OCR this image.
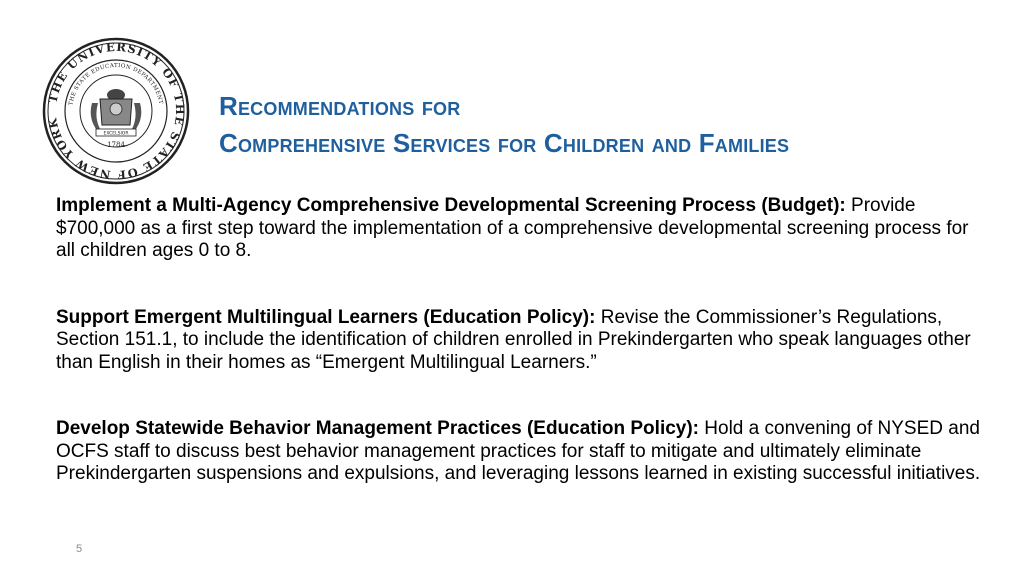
THE UNIVERSITY OF THE STATE OF NEW YORK
THE STATE EDUCATION DEPARTMENT
EXCELSIOR
1784
Recommendations for
Comprehensive Services for Children and Families
Implement a Multi-Agency Comprehensive Developmental Screening Process (Budget): Provide $700,000 as a first step toward the implementation of a comprehensive developmental screening process for all children ages 0 to 8.
Support Emergent Multilingual Learners (Education Policy): Revise the Commissioner’s Regulations, Section 151.1, to include the identification of children enrolled in Prekindergarten who speak languages other than English in their homes as “Emergent Multilingual Learners.”
Develop Statewide Behavior Management Practices (Education Policy): Hold a convening of NYSED and OCFS staff to discuss best behavior management practices for staff to mitigate and ultimately eliminate Prekindergarten suspensions and expulsions, and leveraging lessons learned in existing successful initiatives.
5
